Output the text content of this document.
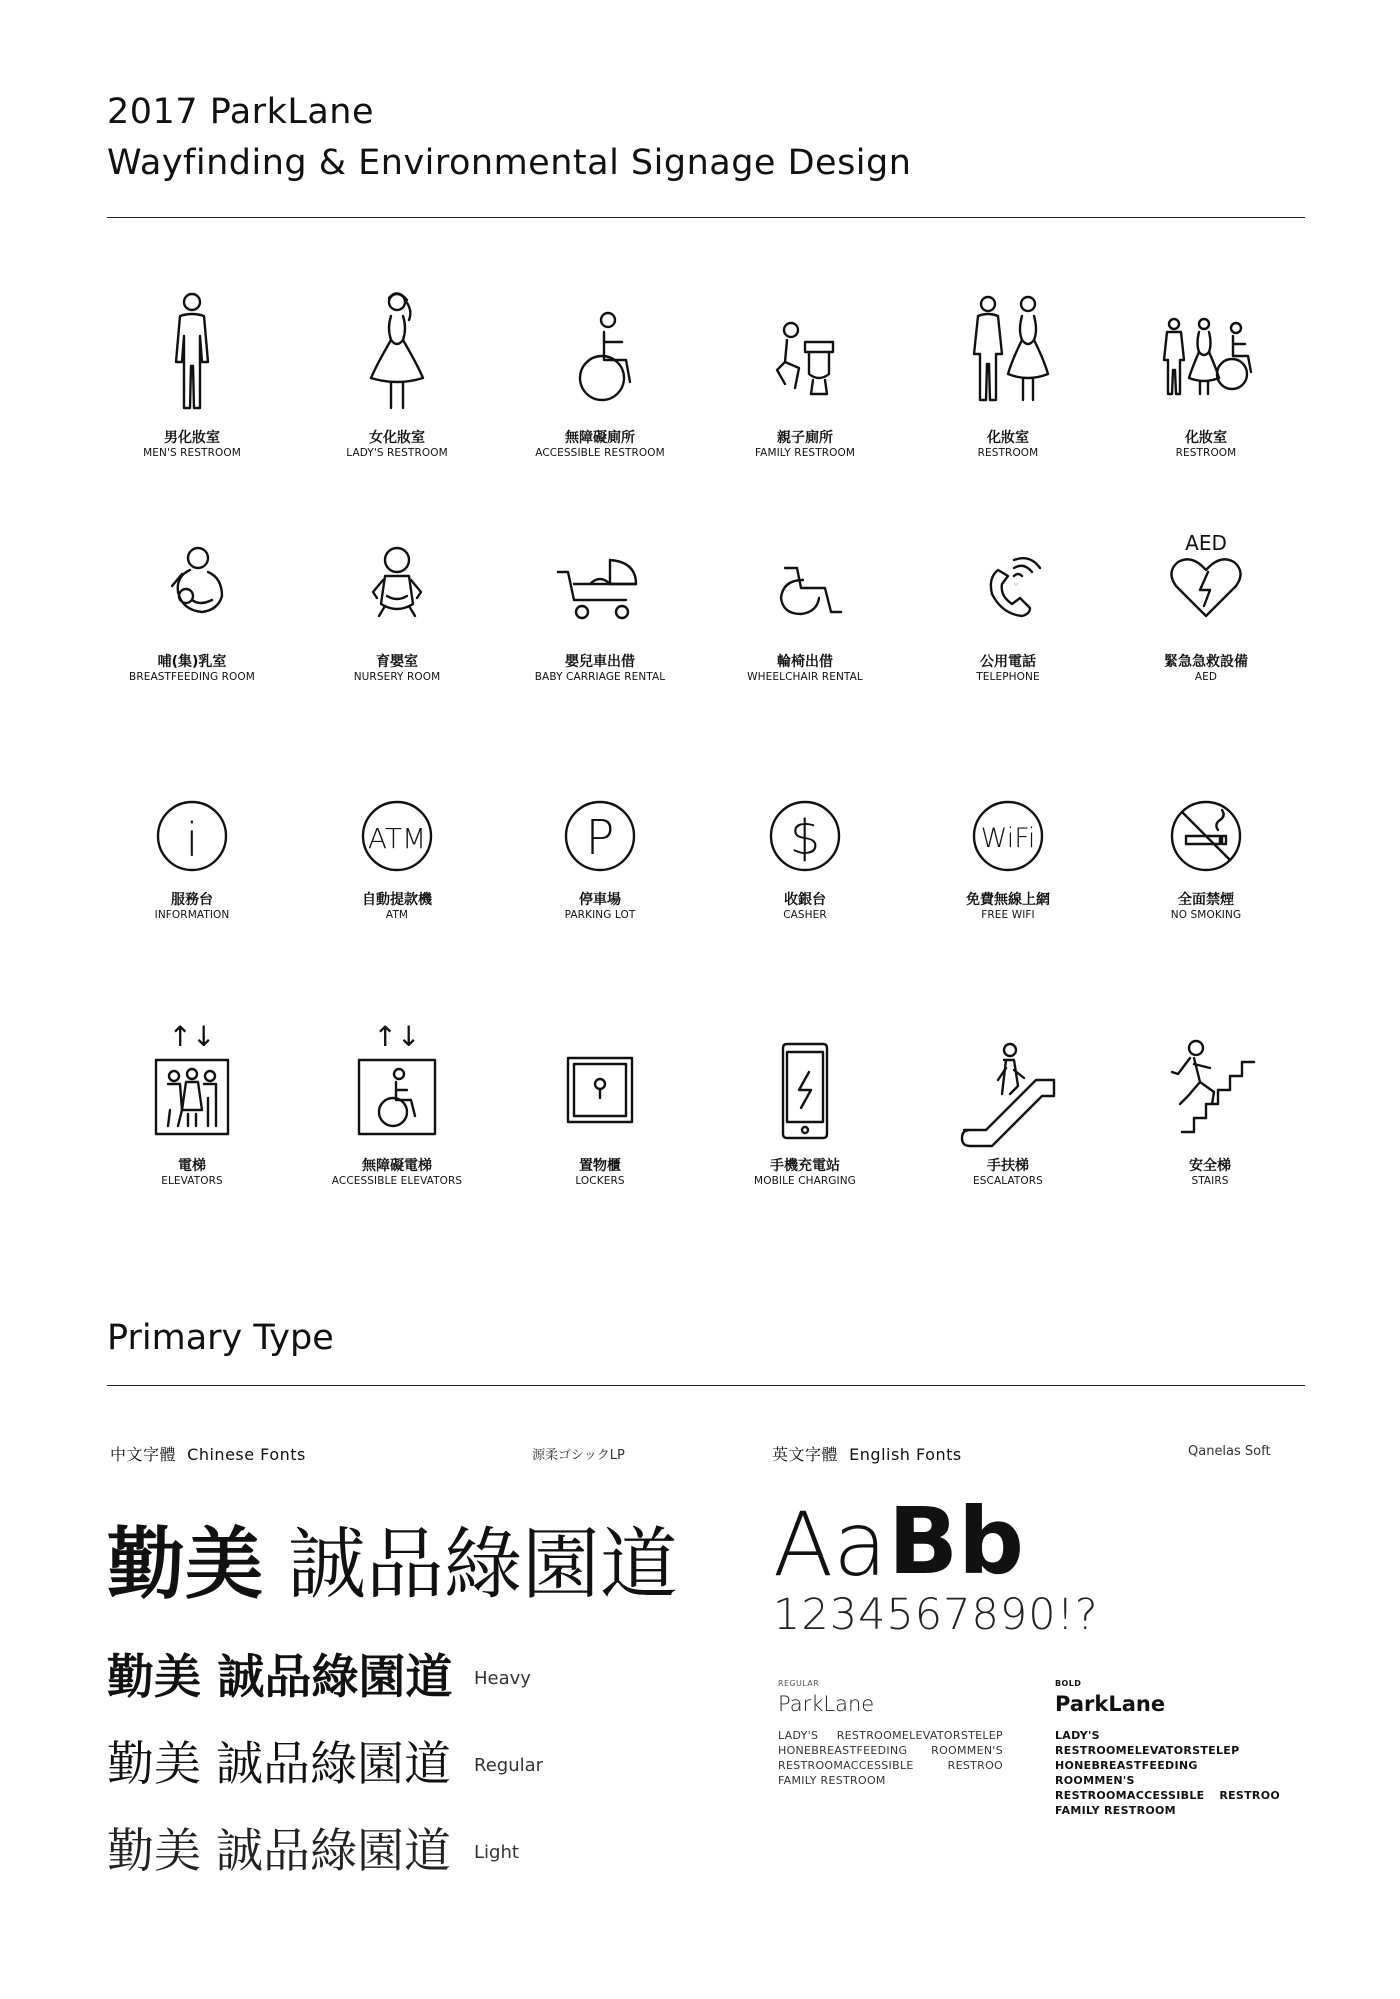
2017 ParkLane
Wayfinding & Environmental Signage Design
男化妝室
MEN'S RESTROOM
女化妝室
LADY'S RESTROOM
無障礙廁所
ACCESSIBLE RESTROOM
親子廁所
FAMILY RESTROOM
化妝室
RESTROOM
化妝室
RESTROOM
哺(集)乳室
BREASTFEEDING ROOM
育嬰室
NURSERY ROOM
嬰兒車出借
BABY CARRIAGE RENTAL
輪椅出借
WHEELCHAIR RENTAL
公用電話
TELEPHONE
AED
緊急急救設備
AED
i
服務台
INFORMATION
ATM
自動提款機
ATM
P
停車場
PARKING LOT
$
收銀台
CASHER
WiFi
免費無線上網
FREE WIFI
全面禁煙
NO SMOKING
↑↓
電梯
ELEVATORS
↑↓
無障礙電梯
ACCESSIBLE ELEVATORS
置物櫃
LOCKERS
手機充電站
MOBILE CHARGING
手扶梯
ESCALATORS
安全梯
STAIRS
Primary Type
中文字體  Chinese Fonts	源柔ゴシックLP
勤美 誠品綠園道
勤美 誠品綠園道 Heavy
勤美 誠品綠園道 Regular
勤美 誠品綠園道 Light
英文字體  English Fonts	Qanelas Soft
Aa Bb
1234567890!?
REGULAR
ParkLane
LADY'S RESTROOMELEVATORSTELEP HONEBREASTFEEDING ROOMMEN'S RESTROOMACCESSIBLE RESTROO FAMILY RESTROOM
BOLD
ParkLane
LADY'S RESTROOMELEVATORSTELEP HONEBREASTFEEDING ROOMMEN'S RESTROOMACCESSIBLE RESTROO FAMILY RESTROOM
